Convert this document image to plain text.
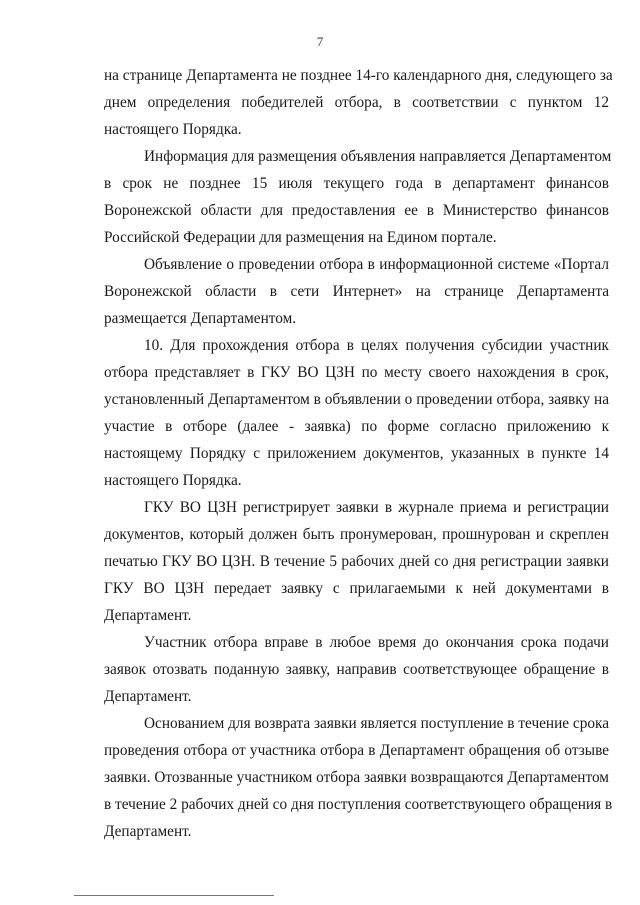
7
на странице Департамента не позднее 14-го календарного дня, следующего за
днем определения победителей отбора, в соответствии с пунктом 12
настоящего Порядка.
Информация для размещения объявления направляется Департаментом
в срок не позднее 15 июля текущего года в департамент финансов
Воронежской области для предоставления ее в Министерство финансов
Российской Федерации для размещения на Едином портале.
Объявление о проведении отбора в информационной системе «Портал
Воронежской области в сети Интернет» на странице Департамента
размещается Департаментом.
10. Для прохождения отбора в целях получения субсидии участник
отбора представляет в ГКУ ВО ЦЗН по месту своего нахождения в срок,
установленный Департаментом в объявлении о проведении отбора, заявку на
участие в отборе (далее - заявка) по форме согласно приложению к
настоящему Порядку с приложением документов, указанных в пункте 14
настоящего Порядка.
ГКУ ВО ЦЗН регистрирует заявки в журнале приема и регистрации
документов, который должен быть пронумерован, прошнурован и скреплен
печатью ГКУ ВО ЦЗН. В течение 5 рабочих дней со дня регистрации заявки
ГКУ ВО ЦЗН передает заявку с прилагаемыми к ней документами в
Департамент.
Участник отбора вправе в любое время до окончания срока подачи
заявок отозвать поданную заявку, направив соответствующее обращение в
Департамент.
Основанием для возврата заявки является поступление в течение срока
проведения отбора от участника отбора в Департамент обращения об отзыве
заявки. Отозванные участником отбора заявки возвращаются Департаментом
в течение 2 рабочих дней со дня поступления соответствующего обращения в
Департамент.
